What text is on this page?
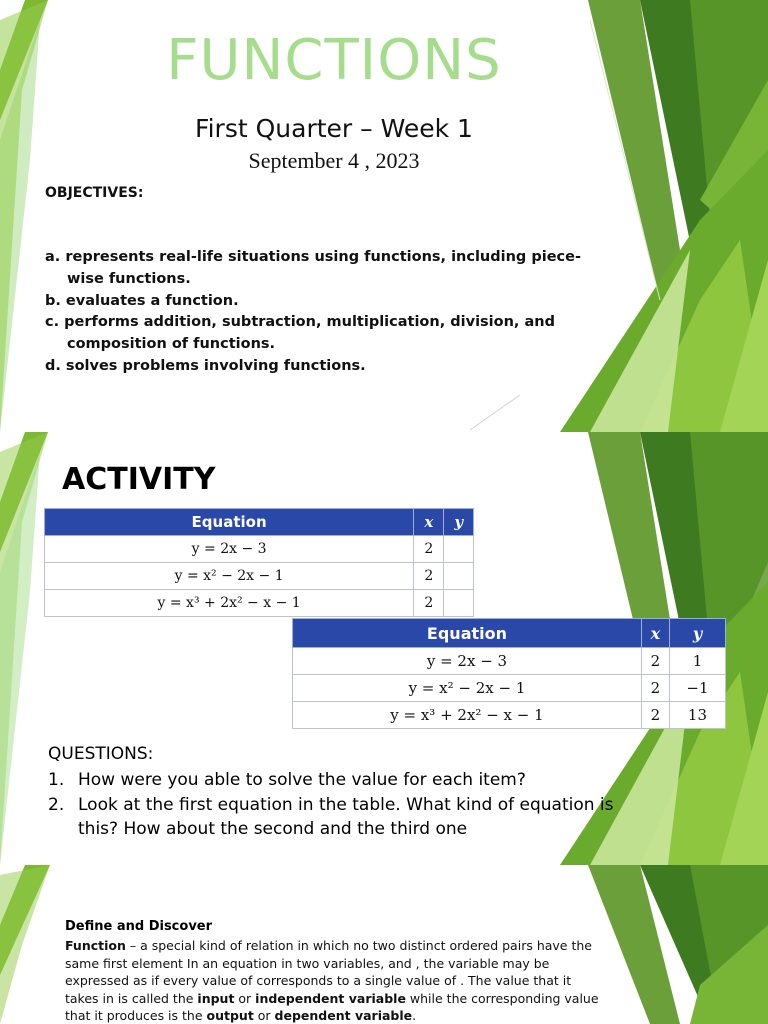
FUNCTIONS
First Quarter – Week 1
September 4 , 2023
OBJECTIVES:
a. represents real-life situations using functions, including piece-wise functions.
b. evaluates a function.
c. performs addition, subtraction, multiplication, division, and composition of functions.
d. solves problems involving functions.
ACTIVITY
Equation	x	y
y = 2x − 3	2	
y = x² − 2x − 1	2	
y = x³ + 2x² − x − 1	2	
Equation	x	y
y = 2x − 3	2	1
y = x² − 2x − 1	2	−1
y = x³ + 2x² − x − 1	2	13
QUESTIONS:
1. How were you able to solve the value for each item?
2. Look at the first equation in the table. What kind of equation is this? How about the second and the third one
Define and Discover

Function – a special kind of relation in which no two distinct ordered pairs have the same first element In an equation in two variables, and , the variable may be expressed as if every value of corresponds to a single value of . The value that it takes in is called the input or independent variable while the corresponding value that it produces is the output or dependent variable.
